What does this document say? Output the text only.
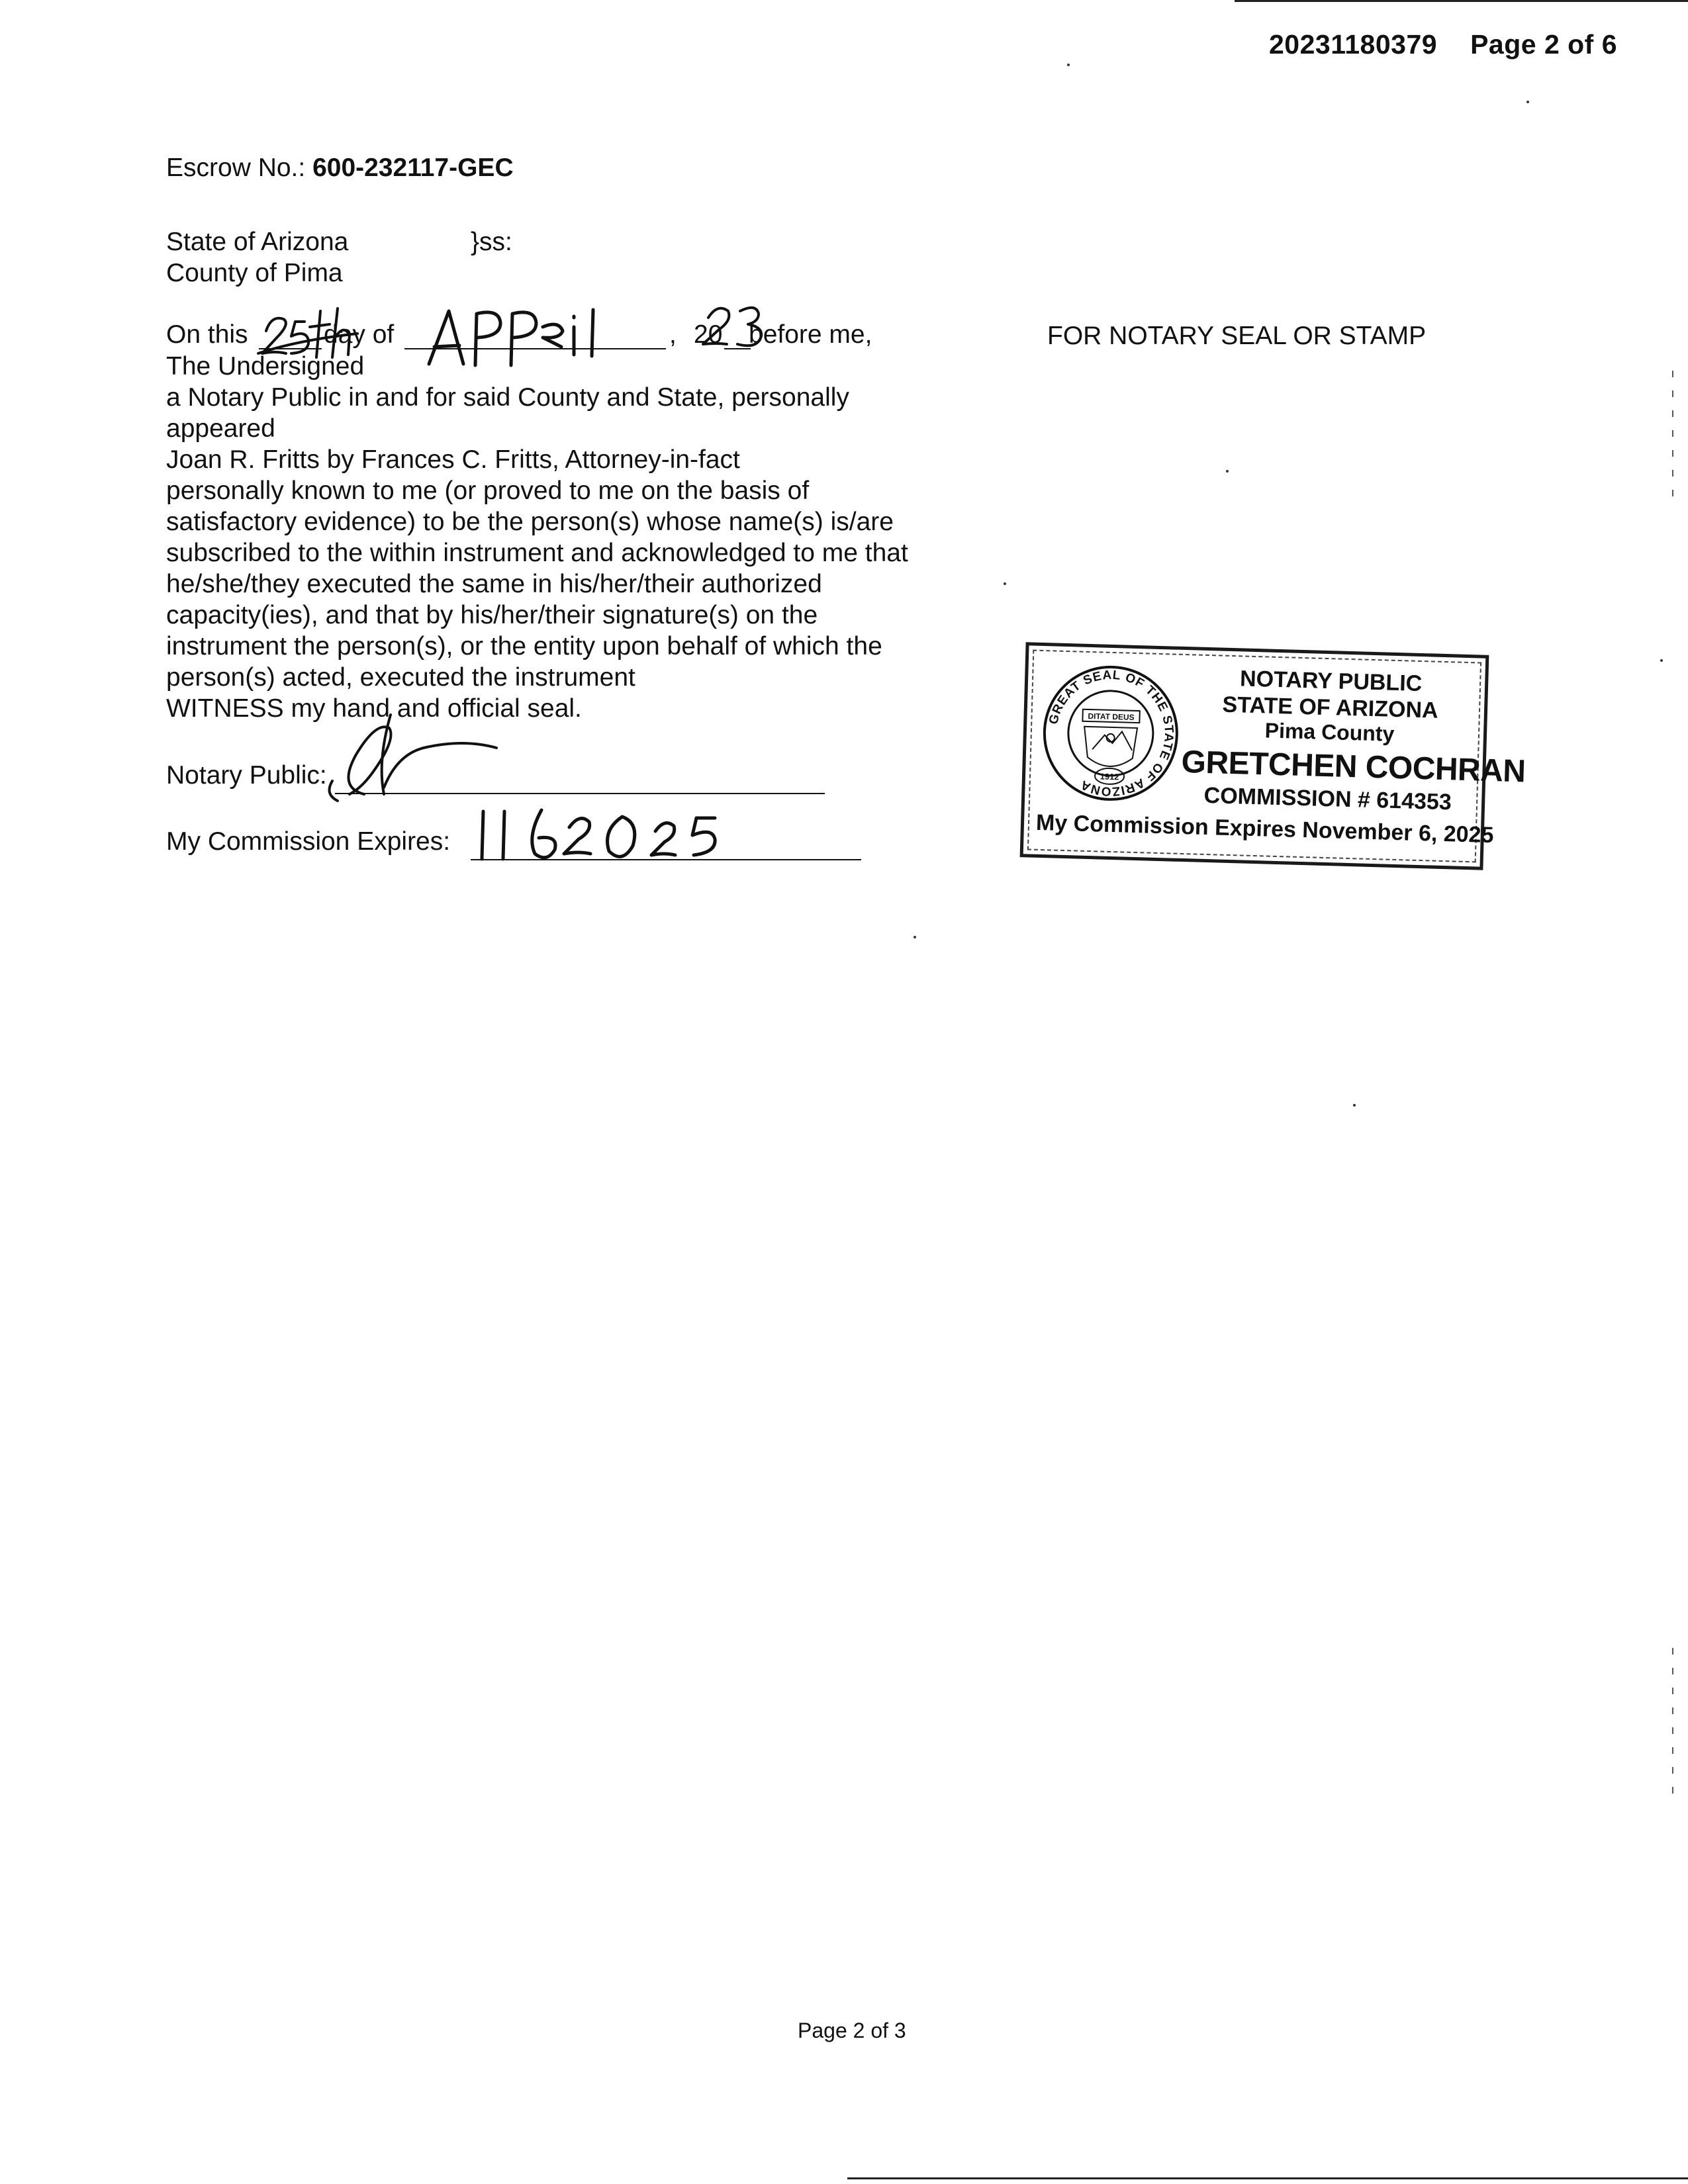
20231180379 Page 2 of 6
Escrow No.: 600-232117-GEC
State of Arizona	}ss:
County of Pima
On this	day of	, 20 before me,
The Undersigned
a Notary Public in and for said County and State, personally
appeared
Joan R. Fritts by Frances C. Fritts, Attorney-in-fact
personally known to me (or proved to me on the basis of
satisfactory evidence) to be the person(s) whose name(s) is/are
subscribed to the within instrument and acknowledged to me that
he/she/they executed the same in his/her/their authorized
capacity(ies), and that by his/her/their signature(s) on the
instrument the person(s), or the entity upon behalf of which the
person(s) acted, executed the instrument
WITNESS my hand and official seal.
Notary Public:
My Commission Expires:
FOR NOTARY SEAL OR STAMP
GREAT SEAL OF THE STATE OF ARIZONA
DITAT DEUS
1912
NOTARY PUBLIC
STATE OF ARIZONA
Pima County
GRETCHEN COCHRAN
COMMISSION # 614353
My Commission Expires November 6, 2025
Page 2 of 3
